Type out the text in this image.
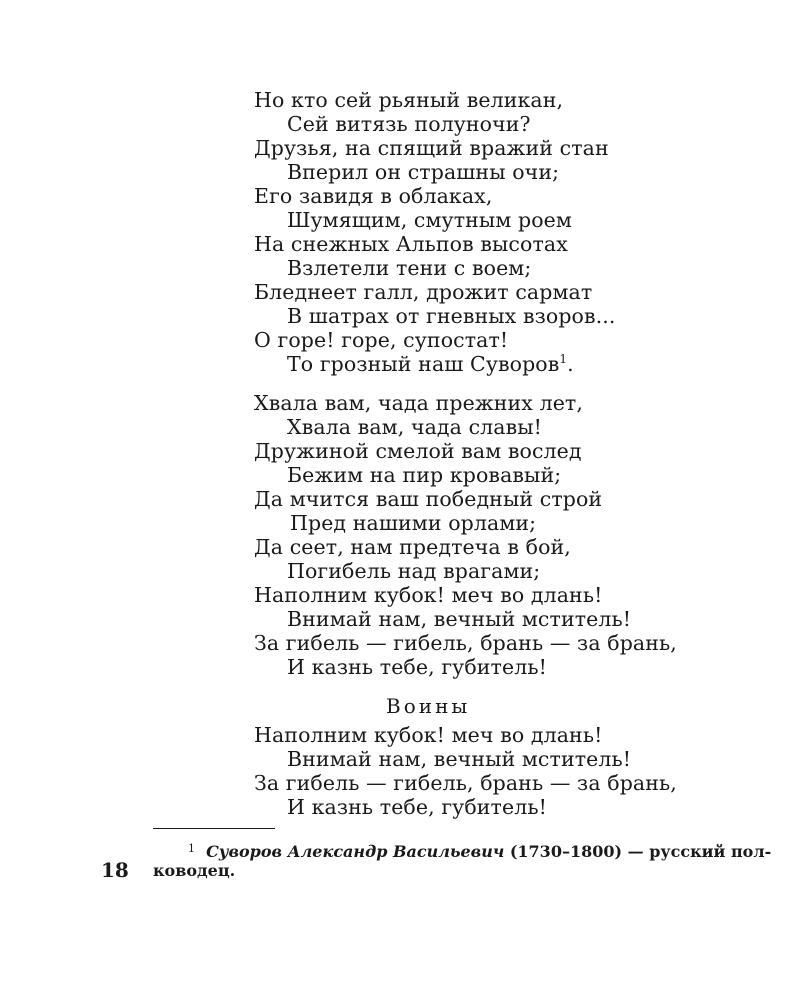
Но кто сей рьяный великан,
Сей витязь полуночи?
Друзья, на спящий вражий стан
Вперил он страшны очи;
Его завидя в облаках,
Шумящим, смутным роем
На снежных Альпов высотах
Взлетели тени с воем;
Бледнеет галл, дрожит сармат
В шатрах от гневных взоров...
О горе! горе, супостат!
То грозный наш Суворов$^1$.
Хвала вам, чада прежних лет,
Хвала вам, чада славы!
Дружиной смелой вам вослед
Бежим на пир кровавый;
Да мчится ваш победный строй
Пред нашими орлами;
Да сеет, нам предтеча в бой,
Погибель над врагами;
Наполним кубок! меч во длань!
Внимай нам, вечный мститель!
За гибель — гибель, брань — за брань,
И казнь тебе, губитель!
Воины
Наполним кубок! меч во длань!
Внимай нам, вечный мститель!
За гибель — гибель, брань — за брань,
И казнь тебе, губитель!
$^1$ Суворов Александр Васильевич (1730–1800) — русский пол-
ководец.
18
